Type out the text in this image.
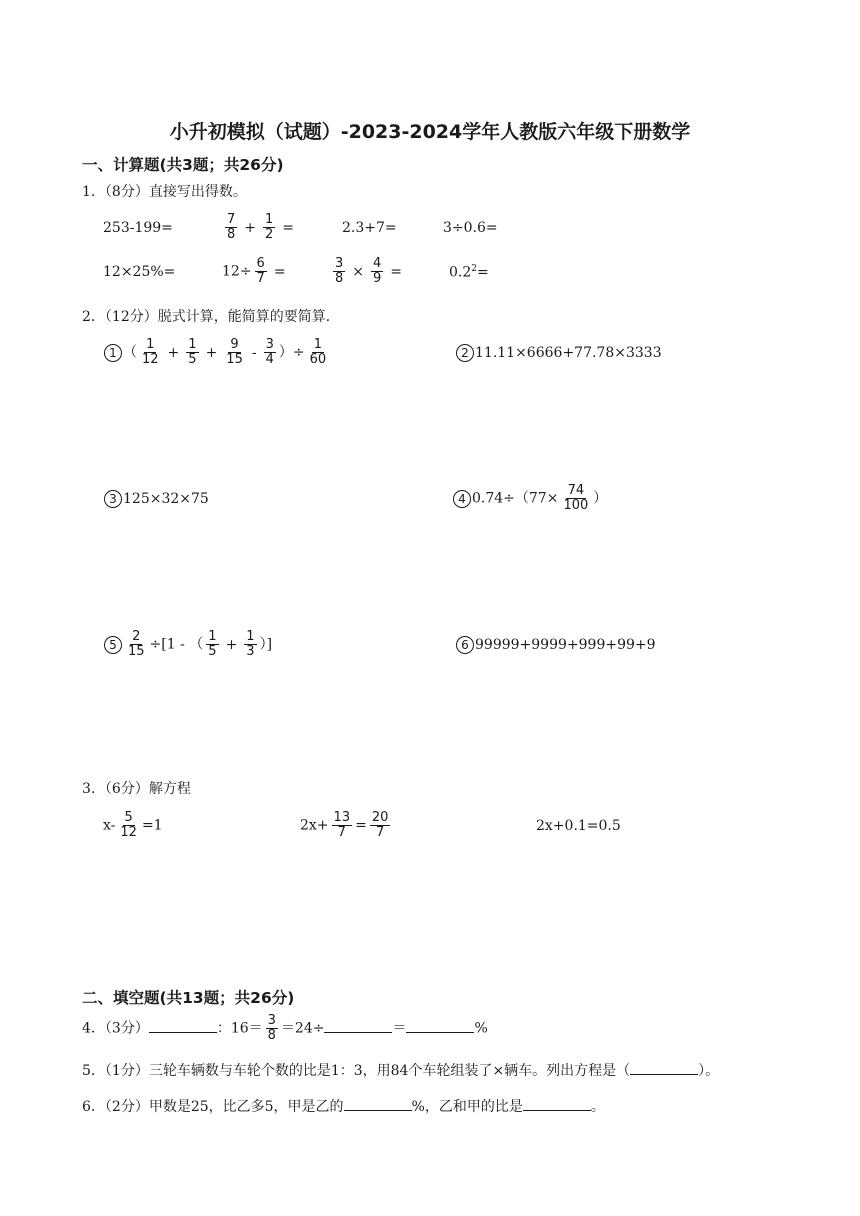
小升初模拟（试题）-2023-2024学年人教版六年级下册数学
一、计算题(共3题；共26分)
1．（8分）直接写出得数。
253-199=	$\frac{7}{8} + \frac{1}{2}$ =	2.3+7=	3÷0.6=
12×25%=	$12\div \frac{6}{7}$ =	$\frac{3}{8} \times \frac{4}{9}$ =	$0.2^2=$
2．（12分）脱式计算，能简算的要简算．
1 （ $\frac{1}{12} + \frac{1}{5} + \frac{9}{15} - \frac{3}{4}$ ）÷ $\frac{1}{60}$	2 11.11×6666+77.78×3333
3 125×32×75	4 $0.74\div(77\times \frac{74}{100}$ ）
$5 \frac{2}{15} \div[1$ - （ $\frac{1}{5} + \frac{1}{3}$ ）]	6 99999+9999+999+99+9
3．（6分）解方程
$x- \frac{5}{12} =1$	$2x+ \frac{13}{7} = \frac{20}{7}$	2x+0.1=0.5
二、填空题(共13题；共26分)
4．（3分）	：$16= \frac{3}{8} =24\div$	＝	%
5．（1分）三轮车辆数与车轮个数的比是1：3，用84个车轮组装了×辆车。列出方程是（	）。
6．（2分）甲数是25，比乙多5，甲是乙的	%，乙和甲的比是	。
